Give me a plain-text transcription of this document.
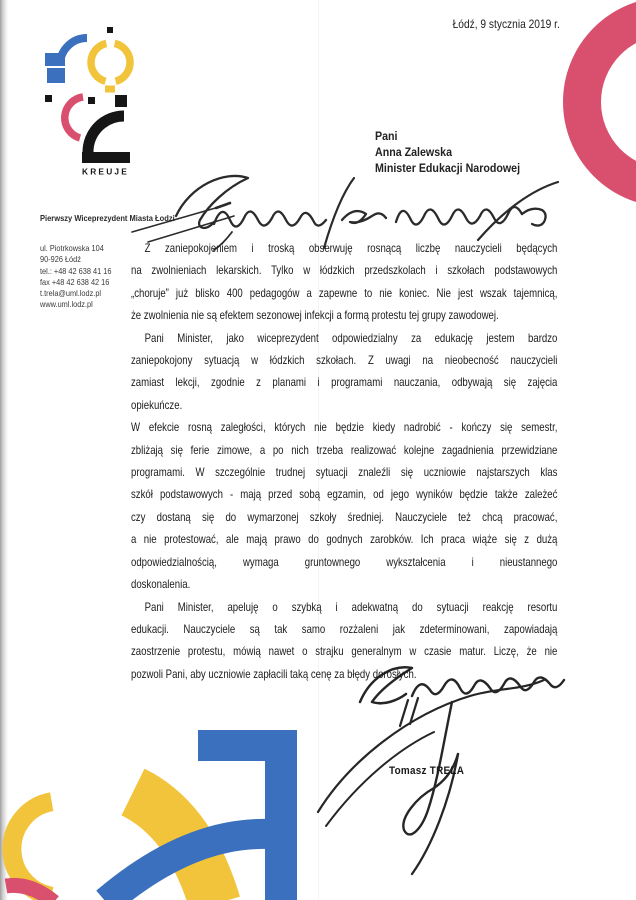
Łódź, 9 stycznia 2019 r.
KREUJE
Pierwszy Wiceprezydent Miasta Łodzi
ul. Piotrkowska 104
90-926 Łódź
tel.: +48 42 638 41 16
fax +48 42 638 42 16
t.trela@uml.lodz.pl
www.uml.lodz.pl
Pani
Anna Zalewska
Minister Edukacji Narodowej
Z zaniepokojeniem i troską obserwuję rosnącą liczbę nauczycieli będących
na zwolnieniach lekarskich. Tylko w łódzkich przedszkolach i szkołach podstawowych
„choruje” już blisko 400 pedagogów a zapewne to nie koniec. Nie jest wszak tajemnicą,
że zwolnienia nie są efektem sezonowej infekcji a formą protestu tej grupy zawodowej.
Pani Minister, jako wiceprezydent odpowiedzialny za edukację jestem bardzo
zaniepokojony sytuacją w łódzkich szkołach. Z uwagi na nieobecność nauczycieli
zamiast lekcji, zgodnie z planami i programami nauczania, odbywają się zajęcia
opiekuńcze.
W efekcie rosną zaległości, których nie będzie kiedy nadrobić - kończy się semestr,
zbliżają się ferie zimowe, a po nich trzeba realizować kolejne zagadnienia przewidziane
programami. W szczególnie trudnej sytuacji znaleźli się uczniowie najstarszych klas
szkół podstawowych - mają przed sobą egzamin, od jego wyników będzie także zależeć
czy dostaną się do wymarzonej szkoły średniej. Nauczyciele też chcą pracować,
a nie protestować, ale mają prawo do godnych zarobków. Ich praca wiąże się z dużą
odpowiedzialnością, wymaga gruntownego wykształcenia i nieustannego
doskonalenia.
Pani Minister, apeluję o szybką i adekwatną do sytuacji reakcję resortu
edukacji. Nauczyciele są tak samo rozżaleni jak zdeterminowani, zapowiadają
zaostrzenie protestu, mówią nawet o strajku generalnym w czasie matur. Liczę, że nie
pozwoli Pani, aby uczniowie zapłacili taką cenę za błędy dorosłych.
Tomasz TRELA
